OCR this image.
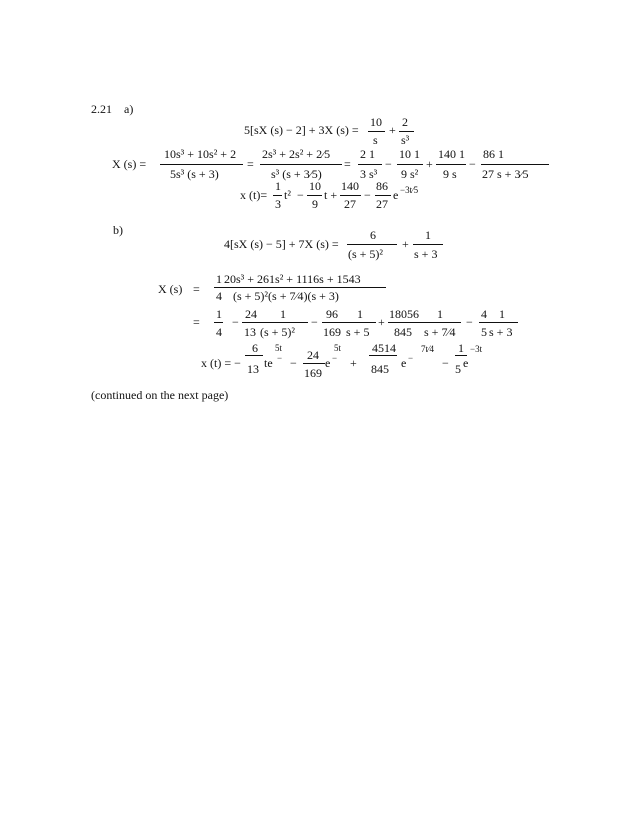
2.21 a)
5[sX (s) − 2] + 3X (s) =
10
s
+
2
s³
X (s) =
10s³ + 10s² + 2
5s³ (s + 3)
=
2s³ + 2s² + 2⁄5
s³ (s + 3⁄5)
=
2 1
3 s³
−
10 1
9 s²
+
140 1
9 s
−
86 1
27 s + 3⁄5
x (t)=
1
3
t² −
10
9
t +
140
27
−
86
27
e −3t⁄5
b)
4[sX (s) − 5] + 7X (s) =
6
(s + 5)²
+
1
s + 3
X (s) =
1
4
20s³ + 261s² + 1116s + 1543
(s + 5)²(s + 7⁄4)(s + 3)
=
1
4
−
24
13
1
(s + 5)²
−
96
169
1
s + 5
+
18056
845
1
s + 7⁄4
−
4
5
1
s + 3
x (t) = −
6
13 te −
5t
−
24
169
e −
5t
+
4514
845 e −
7t⁄4
−
1
5 e
−3t
(continued on the next page)
